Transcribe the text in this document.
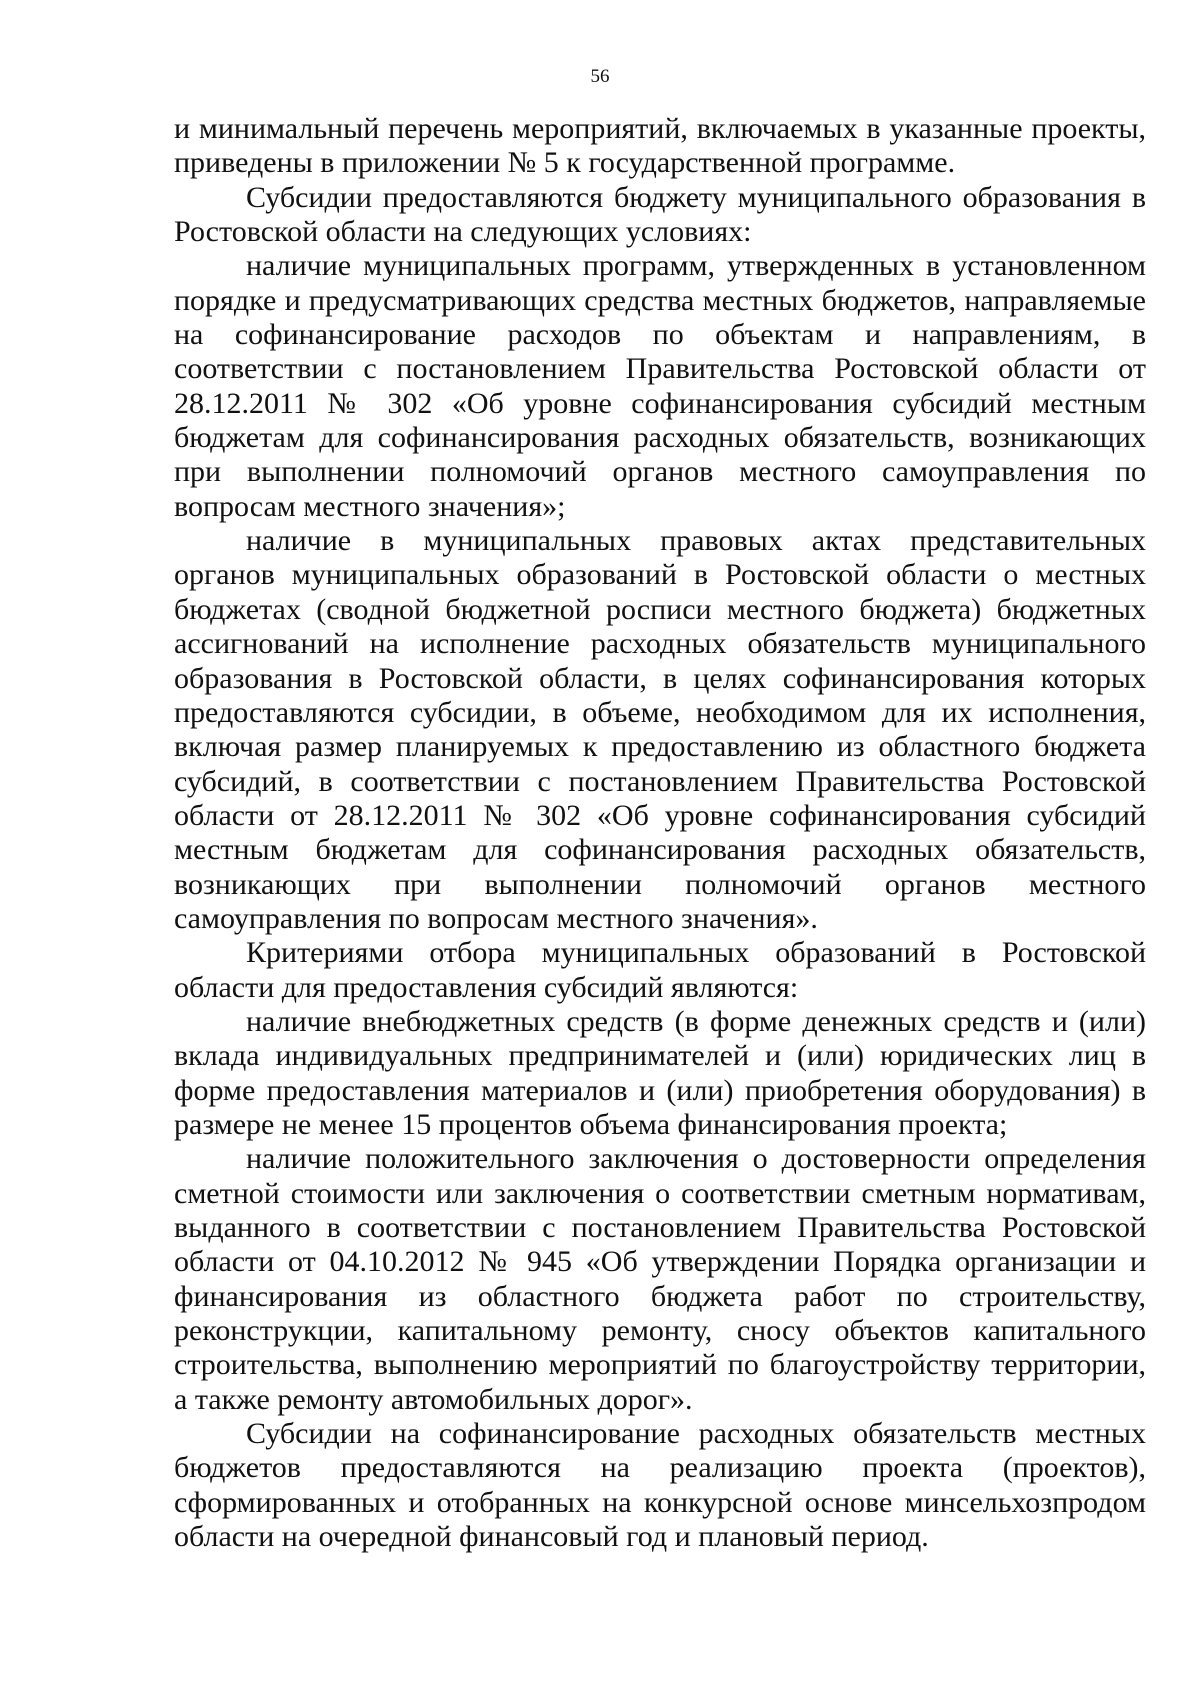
56

и минимальный перечень мероприятий, включаемых в указанные проекты, приведены в приложении № 5 к государственной программе.

Субсидии предоставляются бюджету муниципального образования в Ростовской области на следующих условиях:

наличие муниципальных программ, утвержденных в установленном порядке и предусматривающих средства местных бюджетов, направляемые на софинансирование расходов по объектам и направлениям, в соответствии с постановлением Правительства Ростовской области от 28.12.2011 № 302 «Об уровне софинансирования субсидий местным бюджетам для софинансирования расходных обязательств, возникающих при выполнении полномочий органов местного самоуправления по вопросам местного значения»;

наличие в муниципальных правовых актах представительных органов муниципальных образований в Ростовской области о местных бюджетах (сводной бюджетной росписи местного бюджета) бюджетных ассигнований на исполнение расходных обязательств муниципального образования в Ростовской области, в целях софинансирования которых предоставляются субсидии, в объеме, необходимом для их исполнения, включая размер планируемых к предоставлению из областного бюджета субсидий, в соответствии с постановлением Правительства Ростовской области от 28.12.2011 № 302 «Об уровне софинансирования субсидий местным бюджетам для софинансирования расходных обязательств, возникающих при выполнении полномочий органов местного самоуправления по вопросам местного значения».

Критериями отбора муниципальных образований в Ростовской области для предоставления субсидий являются:

наличие внебюджетных средств (в форме денежных средств и (или) вклада индивидуальных предпринимателей и (или) юридических лиц в форме предоставления материалов и (или) приобретения оборудования) в размере не менее 15 процентов объема финансирования проекта;

наличие положительного заключения о достоверности определения сметной стоимости или заключения о соответствии сметным нормативам, выданного в соответствии с постановлением Правительства Ростовской области от 04.10.2012 № 945 «Об утверждении Порядка организации и финансирования из областного бюджета работ по строительству, реконструкции, капитальному ремонту, сносу объектов капитального строительства, выполнению мероприятий по благоустройству территории, а также ремонту автомобильных дорог».

Субсидии на софинансирование расходных обязательств местных бюджетов предоставляются на реализацию проекта (проектов), сформированных и отобранных на конкурсной основе минсельхозпродом области на очередной финансовый год и плановый период.
